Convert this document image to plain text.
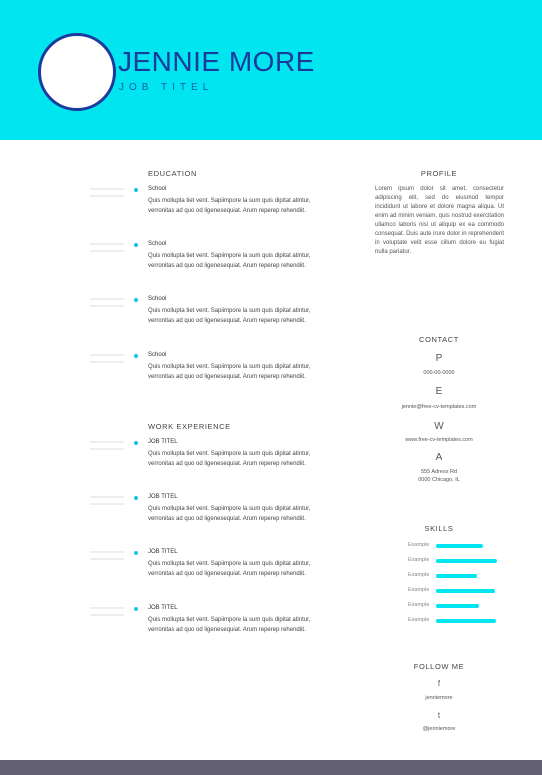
JENNIE MORE
JOB TITEL
EDUCATION
School
Quis mollupta tiet vent. Sapiimpore la sum quis dipitat atintur, verronitas ad quo od ligenesequiat. Arum reperep rehendiit.
School
Quis mollupta tiet vent. Sapiimpore la sum quis dipitat atintur, verronitas ad quo od ligenesequiat. Arum reperep rehendiit.
School
Quis mollupta tiet vent. Sapiimpore la sum quis dipitat atintur, verronitas ad quo od ligenesequiat. Arum reperep rehendiit.
School
Quis mollupta tiet vent. Sapiimpore la sum quis dipitat atintur, verronitas ad quo od ligenesequiat. Arum reperep rehendiit.
WORK EXPERIENCE
JOB TITEL
Quis mollupta tiet vent. Sapiimpore la sum quis dipitat atintur, verronitas ad quo od ligenesequiat. Arum reperep rehendiit.
JOB TITEL
Quis mollupta tiet vent. Sapiimpore la sum quis dipitat atintur, verronitas ad quo od ligenesequiat. Arum reperep rehendiit.
JOB TITEL
Quis mollupta tiet vent. Sapiimpore la sum quis dipitat atintur, verronitas ad quo od ligenesequiat. Arum reperep rehendiit.
JOB TITEL
Quis mollupta tiet vent. Sapiimpore la sum quis dipitat atintur, verronitas ad quo od ligenesequiat. Arum reperep rehendiit.
PROFILE
Lorem ipsum dolor sit amet, consectetur adipiscing elit, sed do eiusmod tempor incididunt ut labore et dolore magna aliqua. Ut enim ad minim veniam, quis nostrud exercitation ullamco laboris nisi ut aliquip ex ea commodo consequat. Duis aute irure dolor in reprehenderit in voluptate velit esse cillum dolore eu fugiat nulla pariatur.
CONTACT
P
000-00-0000
E
jennie@free-cv-templates.com
W
www.free-cv-templates.com
A
555 Adress Rd
0000 Chicago, IL
SKILLS
Example
Example
Example
Example
Example
Example
FOLLOW ME
f
jenniemore
t
@jenniemore
